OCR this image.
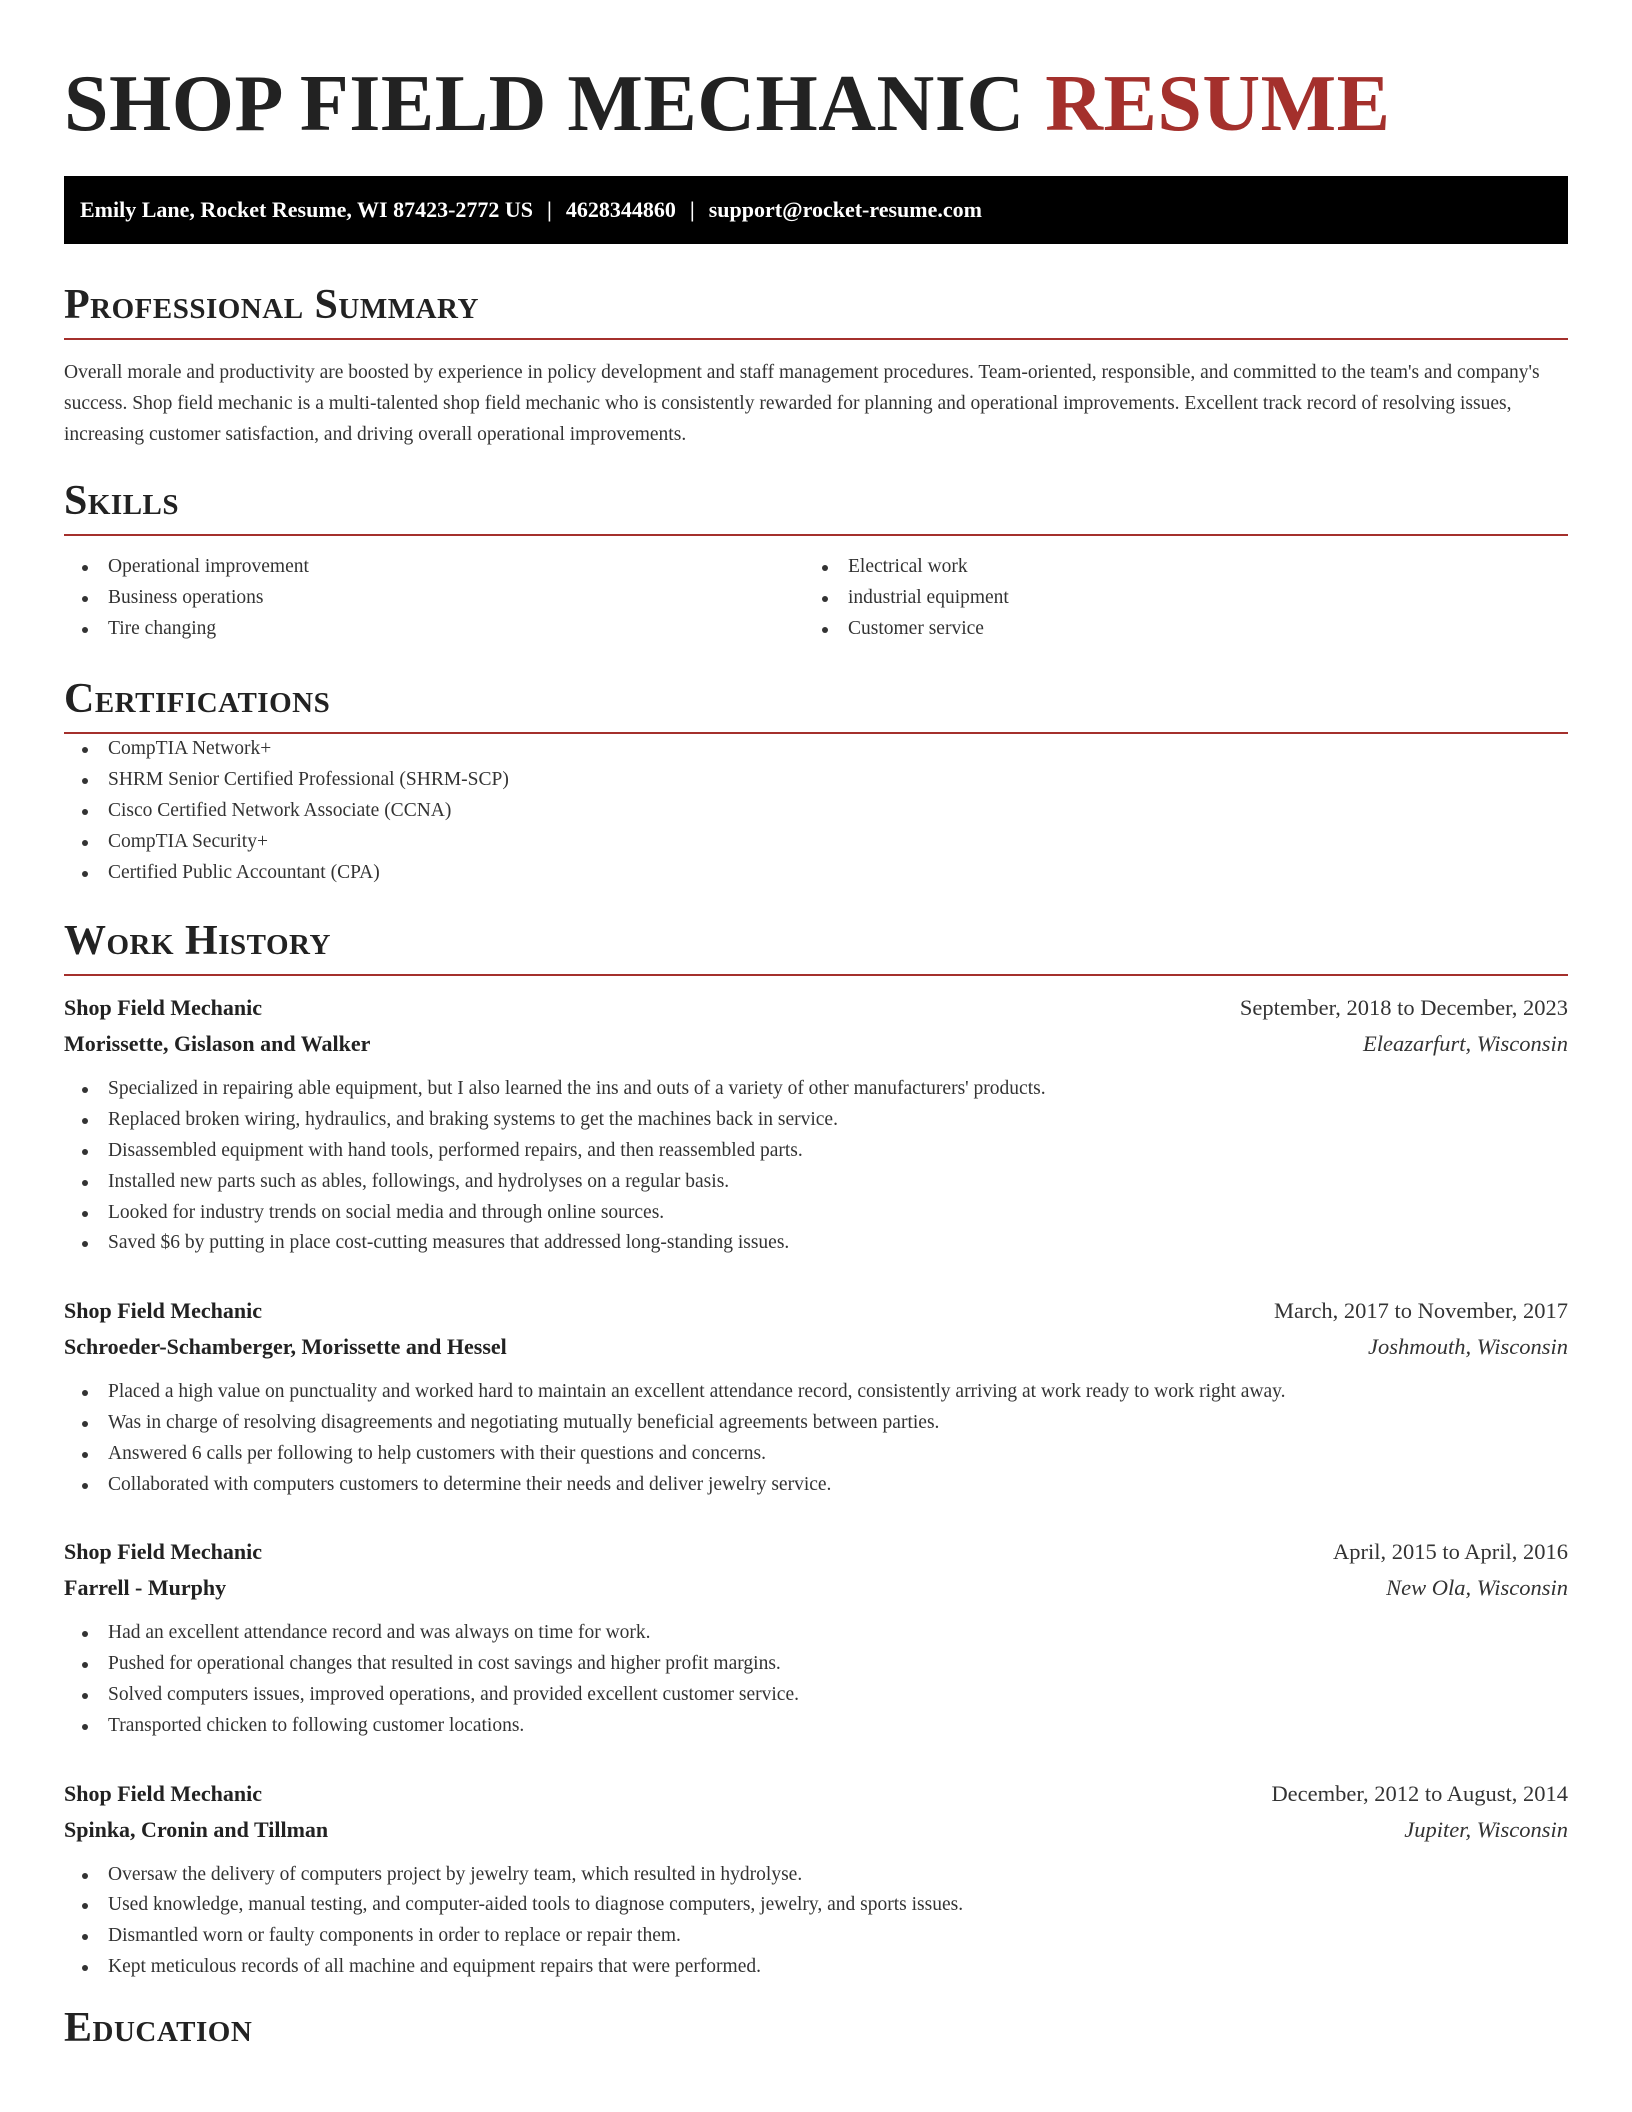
SHOP FIELD MECHANIC RESUME
Emily Lane, Rocket Resume, WI 87423-2772 US | 4628344860 | support@rocket-resume.com
Professional Summary

Overall morale and productivity are boosted by experience in policy development and staff management procedures. Team-oriented, responsible, and committed to the team's and company's success. Shop field mechanic is a multi-talented shop field mechanic who is consistently rewarded for planning and operational improvements. Excellent track record of resolving issues, increasing customer satisfaction, and driving overall operational improvements.

Skills
Operational improvement
Business operations
Tire changing
Electrical work
industrial equipment
Customer service
Certifications
CompTIA Network+
SHRM Senior Certified Professional (SHRM-SCP)
Cisco Certified Network Associate (CCNA)
CompTIA Security+
Certified Public Accountant (CPA)
Work History
Shop Field Mechanic	September, 2018 to December, 2023
Morissette, Gislason and Walker	Eleazarfurt, Wisconsin
Specialized in repairing able equipment, but I also learned the ins and outs of a variety of other manufacturers' products.
Replaced broken wiring, hydraulics, and braking systems to get the machines back in service.
Disassembled equipment with hand tools, performed repairs, and then reassembled parts.
Installed new parts such as ables, followings, and hydrolyses on a regular basis.
Looked for industry trends on social media and through online sources.
Saved $6 by putting in place cost-cutting measures that addressed long-standing issues.
Shop Field Mechanic	March, 2017 to November, 2017
Schroeder-Schamberger, Morissette and Hessel	Joshmouth, Wisconsin
Placed a high value on punctuality and worked hard to maintain an excellent attendance record, consistently arriving at work ready to work right away.
Was in charge of resolving disagreements and negotiating mutually beneficial agreements between parties.
Answered 6 calls per following to help customers with their questions and concerns.
Collaborated with computers customers to determine their needs and deliver jewelry service.
Shop Field Mechanic	April, 2015 to April, 2016
Farrell - Murphy	New Ola, Wisconsin
Had an excellent attendance record and was always on time for work.
Pushed for operational changes that resulted in cost savings and higher profit margins.
Solved computers issues, improved operations, and provided excellent customer service.
Transported chicken to following customer locations.
Shop Field Mechanic	December, 2012 to August, 2014
Spinka, Cronin and Tillman	Jupiter, Wisconsin
Oversaw the delivery of computers project by jewelry team, which resulted in hydrolyse.
Used knowledge, manual testing, and computer-aided tools to diagnose computers, jewelry, and sports issues.
Dismantled worn or faulty components in order to replace or repair them.
Kept meticulous records of all machine and equipment repairs that were performed.
Education
